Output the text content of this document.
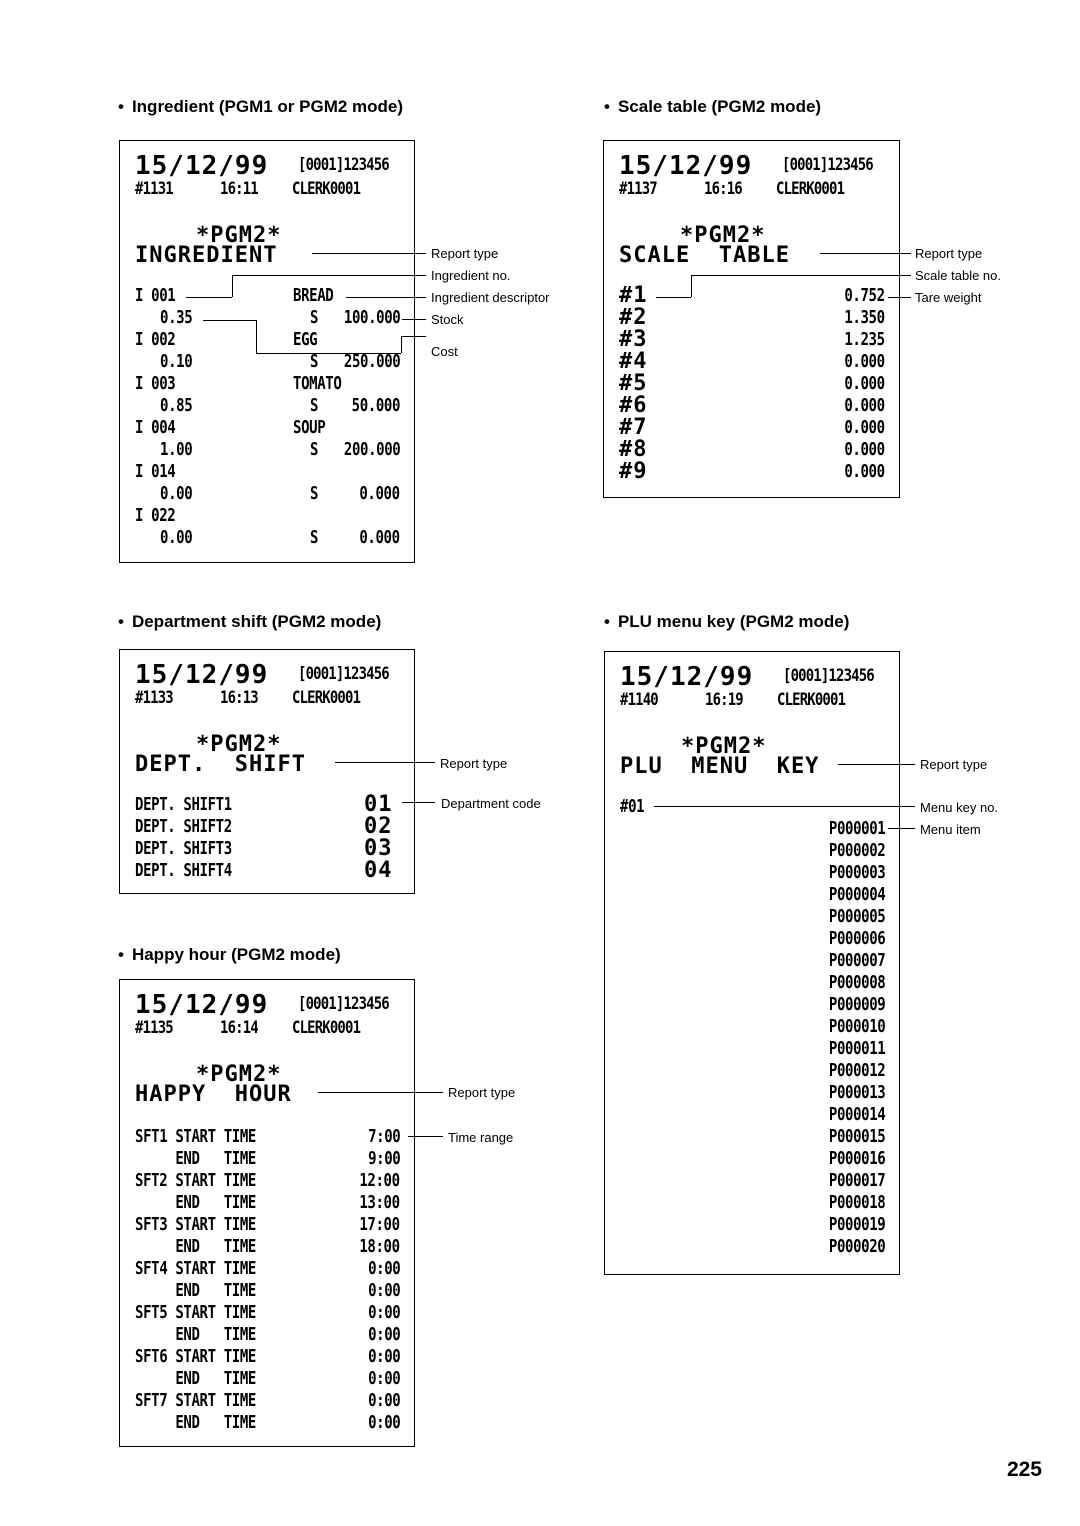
• Ingredient (PGM1 or PGM2 mode)
15/12/99 [0001]123456
#1131	16:11 CLERK0001
*PGM2*
INGREDIENT
I 001	BREAD
0.35	S 100.000
I 002	EGG
0.10	S 250.000
I 003	TOMATO
0.85	S 50.000
I 004	SOUP
1.00	S 200.000
I 014
0.00	S 0.000
I 022
0.00	S 0.000
Report type
Ingredient no.
Ingredient descriptor
Stock
Cost
• Scale table (PGM2 mode)
15/12/99 [0001]123456
#1137	16:16 CLERK0001
*PGM2*
SCALE  TABLE
#1	0.752
#2	1.350
#3	1.235
#4	0.000
#5	0.000
#6	0.000
#7	0.000
#8	0.000
#9	0.000
Report type
Scale table no.
Tare weight
• Department shift (PGM2 mode)
15/12/99 [0001]123456
#1133	16:13 CLERK0001
*PGM2*
DEPT.  SHIFT
DEPT. SHIFT1	01
DEPT. SHIFT2	02
DEPT. SHIFT3	03
DEPT. SHIFT4	04
Report type
Department code
• Happy hour (PGM2 mode)
15/12/99 [0001]123456
#1135	16:14 CLERK0001
*PGM2*
HAPPY  HOUR
SFT1 START TIME	7:00
END   TIME	9:00
SFT2 START TIME	12:00
END   TIME	13:00
SFT3 START TIME	17:00
END   TIME	18:00
SFT4 START TIME	0:00
END   TIME	0:00
SFT5 START TIME	0:00
END   TIME	0:00
SFT6 START TIME	0:00
END   TIME	0:00
SFT7 START TIME	0:00
END   TIME	0:00
Report type
Time range
• PLU menu key (PGM2 mode)
15/12/99 [0001]123456
#1140	16:19 CLERK0001
*PGM2*
PLU  MENU  KEY
#01
P000001
P000002
P000003
P000004
P000005
P000006
P000007
P000008
P000009
P000010
P000011
P000012
P000013
P000014
P000015
P000016
P000017
P000018
P000019
P000020
Report type
Menu key no.
Menu item
225
